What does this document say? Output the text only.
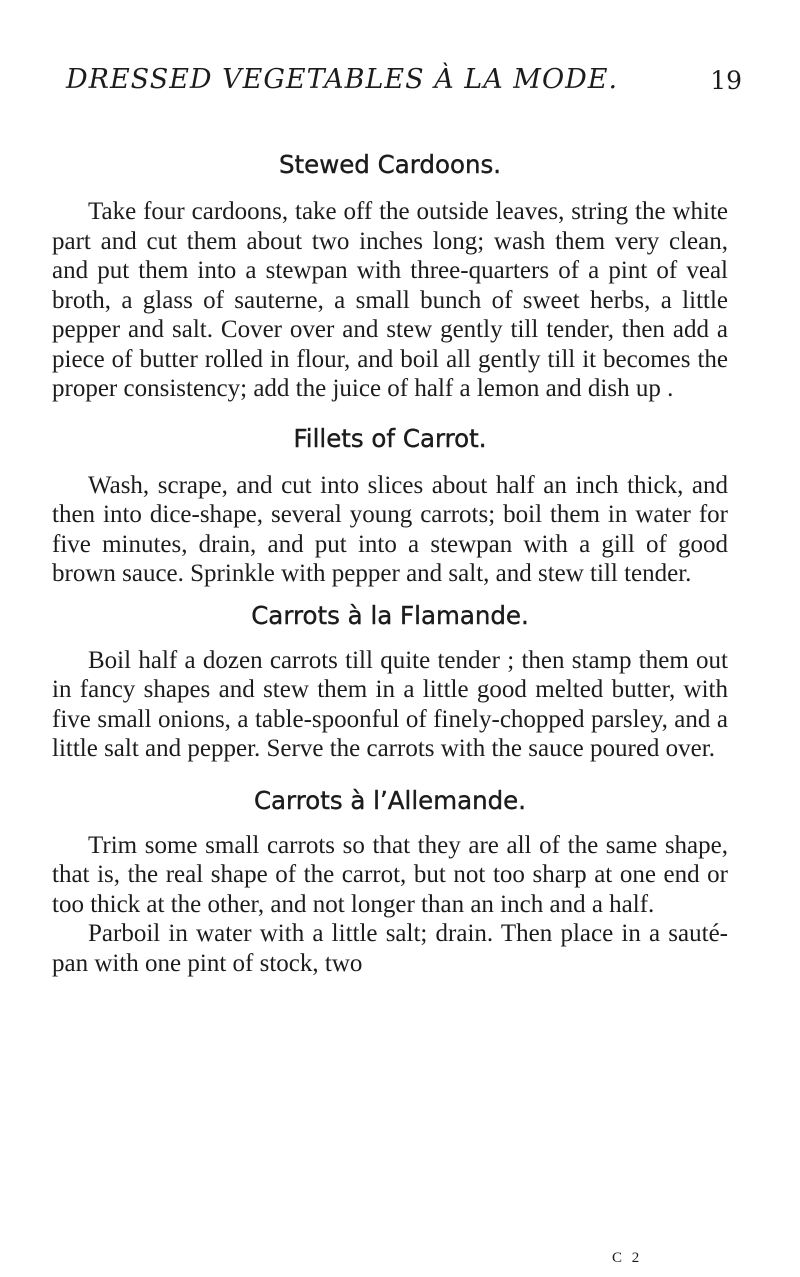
DRESSED VEGETABLES À LA MODE.	19
Stewed Cardoons.

Take four cardoons, take off the outside leaves, string the white part and cut them about two inches long; wash them very clean, and put them into a stewpan with three-quarters of a pint of veal broth, a glass of sauterne, a small bunch of sweet herbs, a little pepper and salt. Cover over and stew gently till tender, then add a piece of butter rolled in flour, and boil all gently till it becomes the proper consistency; add the juice of half a lemon and dish up .

Fillets of Carrot.

Wash, scrape, and cut into slices about half an inch thick, and then into dice-shape, several young carrots; boil them in water for five minutes, drain, and put into a stewpan with a gill of good brown sauce. Sprinkle with pepper and salt, and stew till tender.

Carrots à la Flamande.

Boil half a dozen carrots till quite tender ; then stamp them out in fancy shapes and stew them in a little good melted butter, with five small onions, a table-spoonful of finely-chopped parsley, and a little salt and pepper. Serve the carrots with the sauce poured over.

Carrots à l’Allemande.

Trim some small carrots so that they are all of the same shape, that is, the real shape of the carrot, but not too sharp at one end or too thick at the other, and not longer than an inch and a half.

Parboil in water with a little salt; drain. Then place in a sauté-pan with one pint of stock, two

C 2
